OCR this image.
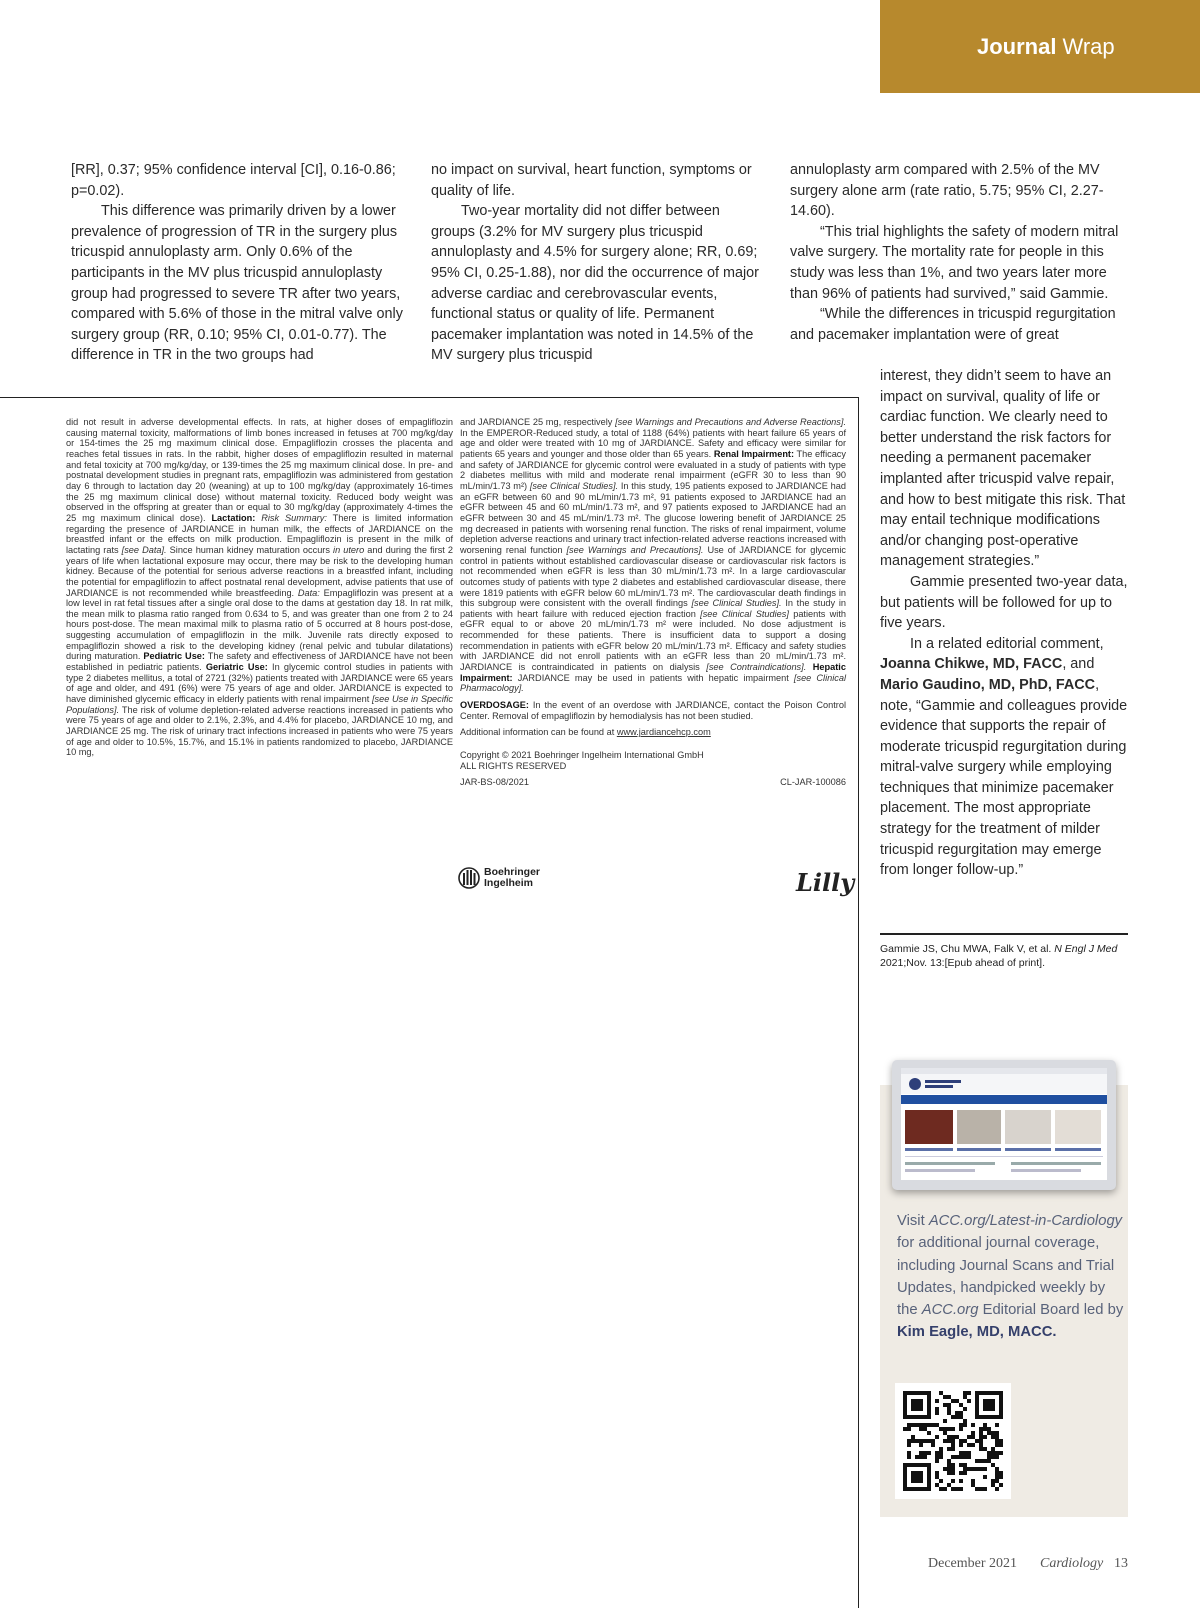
Journal Wrap

[RR], 0.37; 95% confidence interval [CI], 0.16-0.86; p=0.02).

This difference was primarily driven by a lower prevalence of progression of TR in the surgery plus tricuspid annuloplasty arm. Only 0.6% of the participants in the MV plus tricuspid annuloplasty group had progressed to severe TR after two years, compared with 5.6% of those in the mitral valve only surgery group (RR, 0.10; 95% CI, 0.01-0.77). The difference in TR in the two groups had

no impact on survival, heart function, symptoms or quality of life.

Two-year mortality did not differ between groups (3.2% for MV surgery plus tricuspid annuloplasty and 4.5% for surgery alone; RR, 0.69; 95% CI, 0.25-1.88), nor did the occurrence of major adverse cardiac and cerebrovascular events, functional status or quality of life. Permanent pacemaker implantation was noted in 14.5% of the MV surgery plus tricuspid

annuloplasty arm compared with 2.5% of the MV surgery alone arm (rate ratio, 5.75; 95% CI, 2.27-14.60).

“This trial highlights the safety of modern mitral valve surgery. The mortality rate for people in this study was less than 1%, and two years later more than 96% of patients had survived,” said Gammie.

“While the differences in tricuspid regurgitation and pacemaker implantation were of great

interest, they didn’t seem to have an impact on survival, quality of life or cardiac function. We clearly need to better understand the risk factors for needing a permanent pacemaker implanted after tricuspid valve repair, and how to best mitigate this risk. That may entail technique modifications and/or changing post-operative management strategies.”

Gammie presented two-year data, but patients will be followed for up to five years.

In a related editorial comment, Joanna Chikwe, MD, FACC, and Mario Gaudino, MD, PhD, FACC, note, “Gammie and colleagues provide evidence that supports the repair of moderate tricuspid regurgitation during mitral-valve surgery while employing techniques that minimize pacemaker placement. The most appropriate strategy for the treatment of milder tricuspid regurgitation may emerge from longer follow-up.”

Gammie JS, Chu MWA, Falk V, et al. N Engl J Med 2021;Nov. 13:[Epub ahead of print].
did not result in adverse developmental effects. In rats, at higher doses of empagliflozin causing maternal toxicity, malformations of limb bones increased in fetuses at 700 mg/kg/day or 154-times the 25 mg maximum clinical dose. Empagliflozin crosses the placenta and reaches fetal tissues in rats. In the rabbit, higher doses of empagliflozin resulted in maternal and fetal toxicity at 700 mg/kg/day, or 139-times the 25 mg maximum clinical dose. In pre- and postnatal development studies in pregnant rats, empagliflozin was administered from gestation day 6 through to lactation day 20 (weaning) at up to 100 mg/kg/day (approximately 16-times the 25 mg maximum clinical dose) without maternal toxicity. Reduced body weight was observed in the offspring at greater than or equal to 30 mg/kg/day (approximately 4-times the 25 mg maximum clinical dose). Lactation: Risk Summary: There is limited information regarding the presence of JARDIANCE in human milk, the effects of JARDIANCE on the breastfed infant or the effects on milk production. Empagliflozin is present in the milk of lactating rats [see Data]. Since human kidney maturation occurs in utero and during the first 2 years of life when lactational exposure may occur, there may be risk to the developing human kidney. Because of the potential for serious adverse reactions in a breastfed infant, including the potential for empagliflozin to affect postnatal renal development, advise patients that use of JARDIANCE is not recommended while breastfeeding. Data: Empagliflozin was present at a low level in rat fetal tissues after a single oral dose to the dams at gestation day 18. In rat milk, the mean milk to plasma ratio ranged from 0.634 to 5, and was greater than one from 2 to 24 hours post-dose. The mean maximal milk to plasma ratio of 5 occurred at 8 hours post-dose, suggesting accumulation of empagliflozin in the milk. Juvenile rats directly exposed to empagliflozin showed a risk to the developing kidney (renal pelvic and tubular dilatations) during maturation. Pediatric Use: The safety and effectiveness of JARDIANCE have not been established in pediatric patients. Geriatric Use: In glycemic control studies in patients with type 2 diabetes mellitus, a total of 2721 (32%) patients treated with JARDIANCE were 65 years of age and older, and 491 (6%) were 75 years of age and older. JARDIANCE is expected to have diminished glycemic efficacy in elderly patients with renal impairment [see Use in Specific Populations]. The risk of volume depletion-related adverse reactions increased in patients who were 75 years of age and older to 2.1%, 2.3%, and 4.4% for placebo, JARDIANCE 10 mg, and JARDIANCE 25 mg. The risk of urinary tract infections increased in patients who were 75 years of age and older to 10.5%, 15.7%, and 15.1% in patients randomized to placebo, JARDIANCE 10 mg,
and JARDIANCE 25 mg, respectively [see Warnings and Precautions and Adverse Reactions]. In the EMPEROR-Reduced study, a total of 1188 (64%) patients with heart failure 65 years of age and older were treated with 10 mg of JARDIANCE. Safety and efficacy were similar for patients 65 years and younger and those older than 65 years. Renal Impairment: The efficacy and safety of JARDIANCE for glycemic control were evaluated in a study of patients with type 2 diabetes mellitus with mild and moderate renal impairment (eGFR 30 to less than 90 mL/min/1.73 m²) [see Clinical Studies]. In this study, 195 patients exposed to JARDIANCE had an eGFR between 60 and 90 mL/min/1.73 m², 91 patients exposed to JARDIANCE had an eGFR between 45 and 60 mL/min/1.73 m², and 97 patients exposed to JARDIANCE had an eGFR between 30 and 45 mL/min/1.73 m². The glucose lowering benefit of JARDIANCE 25 mg decreased in patients with worsening renal function. The risks of renal impairment, volume depletion adverse reactions and urinary tract infection-related adverse reactions increased with worsening renal function [see Warnings and Precautions]. Use of JARDIANCE for glycemic control in patients without established cardiovascular disease or cardiovascular risk factors is not recommended when eGFR is less than 30 mL/min/1.73 m². In a large cardiovascular outcomes study of patients with type 2 diabetes and established cardiovascular disease, there were 1819 patients with eGFR below 60 mL/min/1.73 m². The cardiovascular death findings in this subgroup were consistent with the overall findings [see Clinical Studies]. In the study in patients with heart failure with reduced ejection fraction [see Clinical Studies] patients with eGFR equal to or above 20 mL/min/1.73 m² were included. No dose adjustment is recommended for these patients. There is insufficient data to support a dosing recommendation in patients with eGFR below 20 mL/min/1.73 m². Efficacy and safety studies with JARDIANCE did not enroll patients with an eGFR less than 20 mL/min/1.73 m². JARDIANCE is contraindicated in patients on dialysis [see Contraindications]. Hepatic Impairment: JARDIANCE may be used in patients with hepatic impairment [see Clinical Pharmacology].
OVERDOSAGE: In the event of an overdose with JARDIANCE, contact the Poison Control Center. Removal of empagliflozin by hemodialysis has not been studied.
Additional information can be found at www.jardiancehcp.com
Copyright © 2021 Boehringer Ingelheim International GmbH
ALL RIGHTS RESERVED
JAR-BS-08/2021	CL-JAR-100086
Boehringer
Ingelheim	Lilly
Visit ACC.org/Latest-in-Cardiology for additional journal coverage, including Journal Scans and Trial Updates, handpicked weekly by the ACC.org Editorial Board led by Kim Eagle, MD, MACC.
December 2021 Cardiology 13
